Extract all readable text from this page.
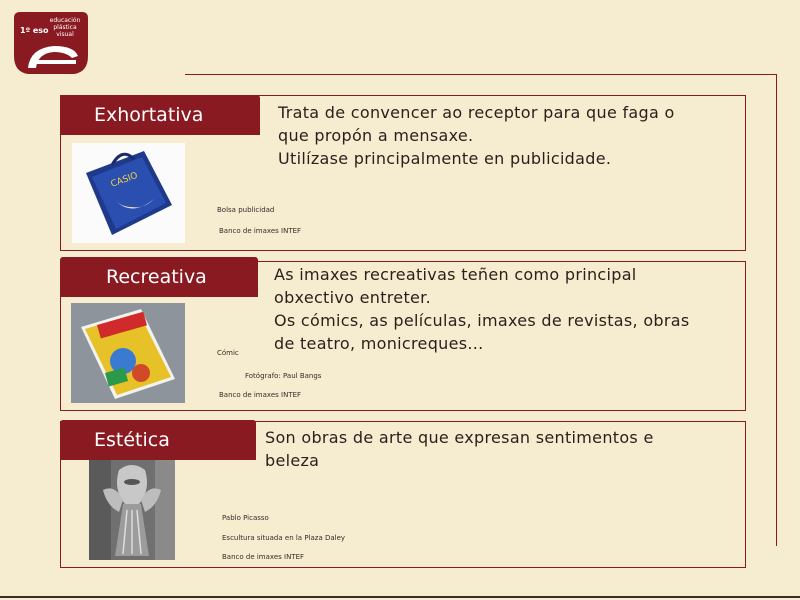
1º eso
educación plástica visual
Exhortativa	Trata de convencer ao receptor para que faga o
que propón a mensaxe.
Utilízase principalmente en publicidade.
CASIO
Bolsa publicidad
Banco de imaxes INTEF
Recreativa	As imaxes recreativas teñen como principal
obxectivo entreter.
Os cómics, as películas, imaxes de revistas, obras
de teatro, monicreques...
Cómic
Fotógrafo: Paul Bangs
Banco de imaxes INTEF
Estética	Son obras de arte que expresan sentimentos e
beleza
Pablo Picasso
Escultura situada en la Plaza Daley
Banco de imaxes INTEF
